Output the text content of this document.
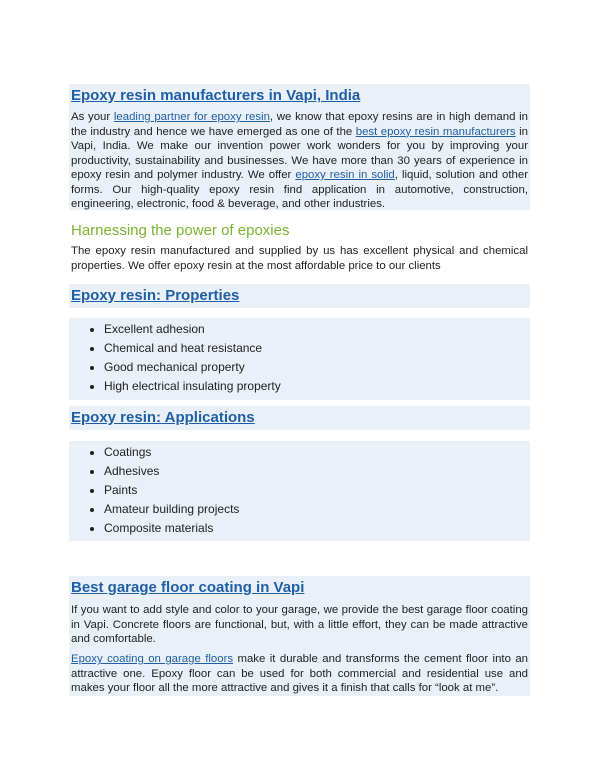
Epoxy resin manufacturers in Vapi, India

As your leading partner for epoxy resin, we know that epoxy resins are in high demand in the industry and hence we have emerged as one of the best epoxy resin manufacturers in Vapi, India. We make our invention power work wonders for you by improving your productivity, sustainability and businesses. We have more than 30 years of experience in epoxy resin and polymer industry. We offer epoxy resin in solid, liquid, solution and other forms. Our high-quality epoxy resin find application in automotive, construction, engineering, electronic, food & beverage, and other industries.

Harnessing the power of epoxies

The epoxy resin manufactured and supplied by us has excellent physical and chemical properties. We offer epoxy resin at the most affordable price to our clients

Epoxy resin: Properties
• Excellent adhesion
• Chemical and heat resistance
• Good mechanical property
• High electrical insulating property
Epoxy resin: Applications
• Coatings
• Adhesives
• Paints
• Amateur building projects
• Composite materials
Best garage floor coating in Vapi

If you want to add style and color to your garage, we provide the best garage floor coating in Vapi. Concrete floors are functional, but, with a little effort, they can be made attractive and comfortable.

Epoxy coating on garage floors make it durable and transforms the cement floor into an attractive one. Epoxy floor can be used for both commercial and residential use and makes your floor all the more attractive and gives it a finish that calls for “look at me”.
